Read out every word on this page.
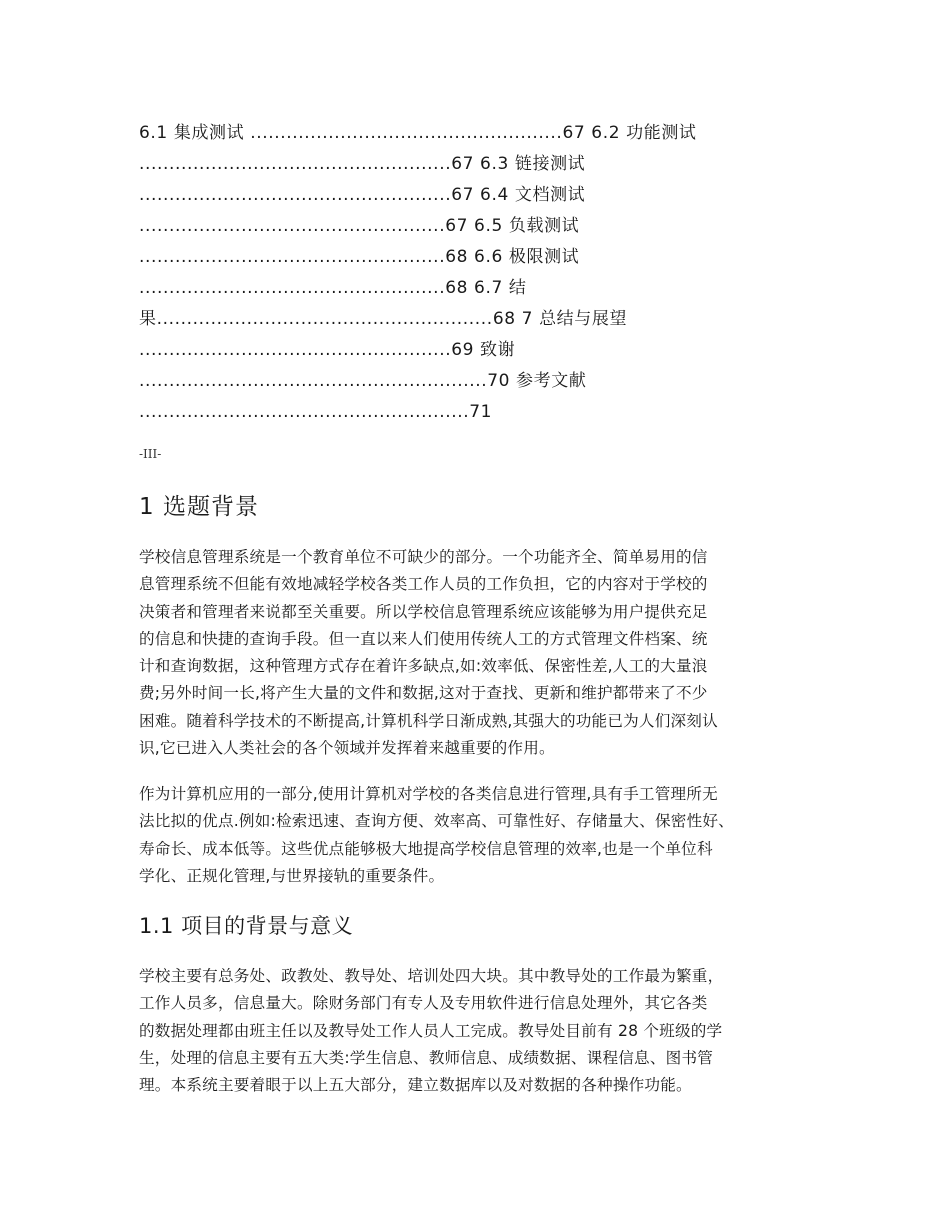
6.1 集成测试 ....................................................67 6.2 功能测试
....................................................67 6.3 链接测试
....................................................67 6.4 文档测试
...................................................67 6.5 负载测试
...................................................68 6.6 极限测试
...................................................68 6.7 结
果........................................................68 7 总结与展望
....................................................69 致谢
..........................................................70 参考文献
.......................................................71
-III-
1 选题背景

学校信息管理系统是一个教育单位不可缺少的部分。一个功能齐全、简单易用的信
息管理系统不但能有效地减轻学校各类工作人员的工作负担，它的内容对于学校的
决策者和管理者来说都至关重要。所以学校信息管理系统应该能够为用户提供充足
的信息和快捷的查询手段。但一直以来人们使用传统人工的方式管理文件档案、统
计和查询数据，这种管理方式存在着许多缺点,如:效率低、保密性差,人工的大量浪
费;另外时间一长,将产生大量的文件和数据,这对于查找、更新和维护都带来了不少
困难。随着科学技术的不断提高,计算机科学日渐成熟,其强大的功能已为人们深刻认
识,它已进入人类社会的各个领域并发挥着来越重要的作用。

作为计算机应用的一部分,使用计算机对学校的各类信息进行管理,具有手工管理所无
法比拟的优点.例如:检索迅速、查询方便、效率高、可靠性好、存储量大、保密性好、
寿命长、成本低等。这些优点能够极大地提高学校信息管理的效率,也是一个单位科
学化、正规化管理,与世界接轨的重要条件。

1.1 项目的背景与意义

学校主要有总务处、政教处、教导处、培训处四大块。其中教导处的工作最为繁重，
工作人员多，信息量大。除财务部门有专人及专用软件进行信息处理外，其它各类
的数据处理都由班主任以及教导处工作人员人工完成。教导处目前有 28 个班级的学
生，处理的信息主要有五大类:学生信息、教师信息、成绩数据、课程信息、图书管
理。本系统主要着眼于以上五大部分，建立数据库以及对数据的各种操作功能。
